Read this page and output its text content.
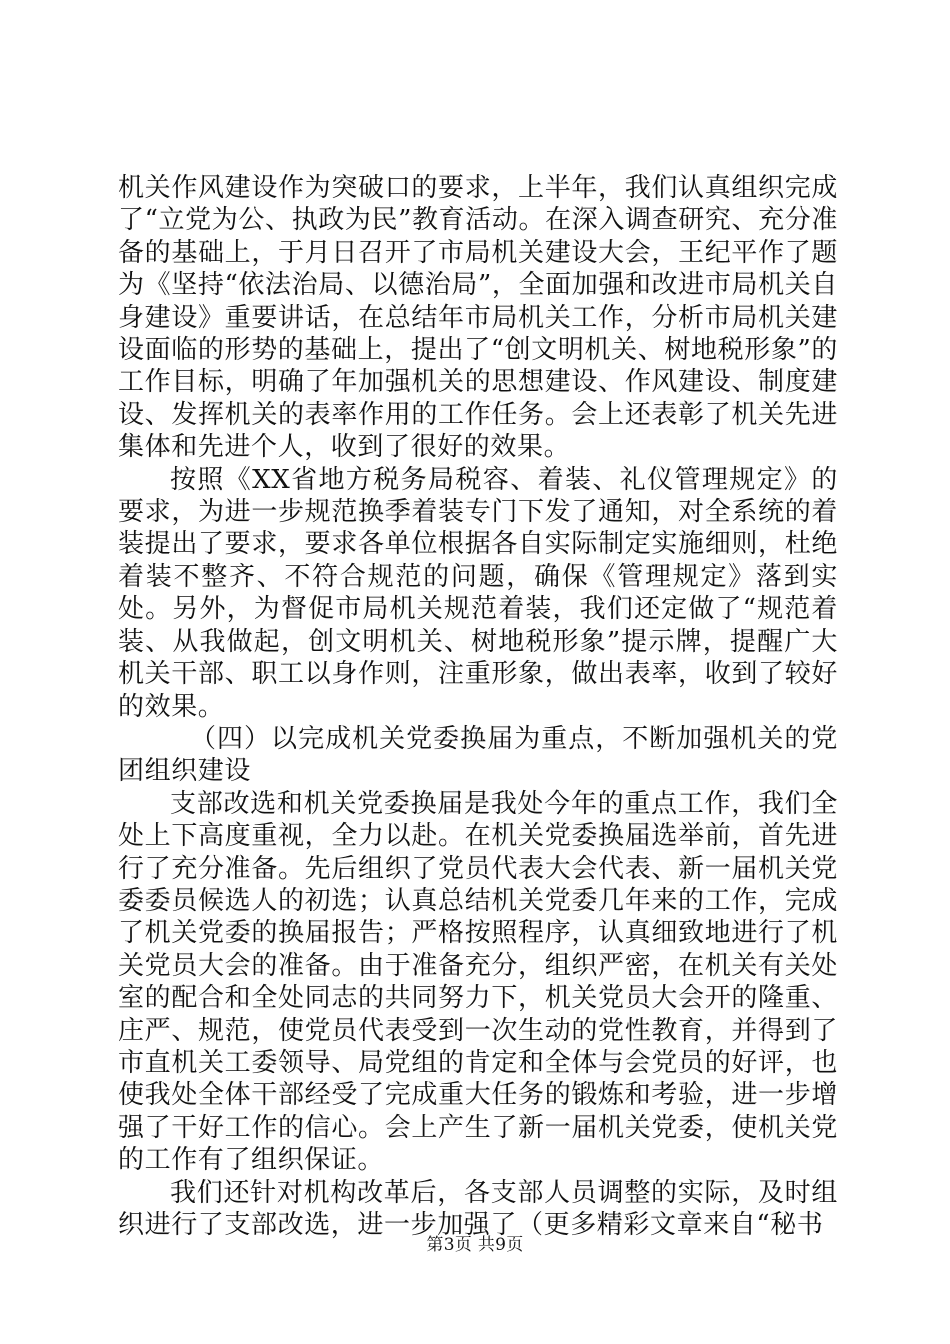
机关作风建设作为突破口的要求，上半年，我们认真组织完成了“立党为公、执政为民”教育活动。在深入调查研究、充分准备的基础上，于月日召开了市局机关建设大会，王纪平作了题为《坚持“依法治局、以德治局”，全面加强和改进市局机关自身建设》重要讲话，在总结年市局机关工作，分析市局机关建设面临的形势的基础上，提出了“创文明机关、树地税形象”的工作目标，明确了年加强机关的思想建设、作风建设、制度建设、发挥机关的表率作用的工作任务。会上还表彰了机关先进集体和先进个人，收到了很好的效果。

按照《XX省地方税务局税容、着装、礼仪管理规定》的要求，为进一步规范换季着装专门下发了通知，对全系统的着装提出了要求，要求各单位根据各自实际制定实施细则，杜绝着装不整齐、不符合规范的问题，确保《管理规定》落到实处。另外，为督促市局机关规范着装，我们还定做了“规范着装、从我做起，创文明机关、树地税形象”提示牌，提醒广大机关干部、职工以身作则，注重形象，做出表率，收到了较好的效果。

（四）以完成机关党委换届为重点，不断加强机关的党团组织建设

支部改选和机关党委换届是我处今年的重点工作，我们全处上下高度重视，全力以赴。在机关党委换届选举前，首先进行了充分准备。先后组织了党员代表大会代表、新一届机关党委委员候选人的初选；认真总结机关党委几年来的工作，完成了机关党委的换届报告；严格按照程序，认真细致地进行了机关党员大会的准备。由于准备充分，组织严密，在机关有关处室的配合和全处同志的共同努力下，机关党员大会开的隆重、庄严、规范，使党员代表受到一次生动的党性教育，并得到了市直机关工委领导、局党组的肯定和全体与会党员的好评，也使我处全体干部经受了完成重大任务的锻炼和考验，进一步增强了干好工作的信心。会上产生了新一届机关党委，使机关党的工作有了组织保证。

我们还针对机构改革后，各支部人员调整的实际，及时组织进行了支部改选，进一步加强了（更多精彩文章来自“秘书

第3页 共9页
